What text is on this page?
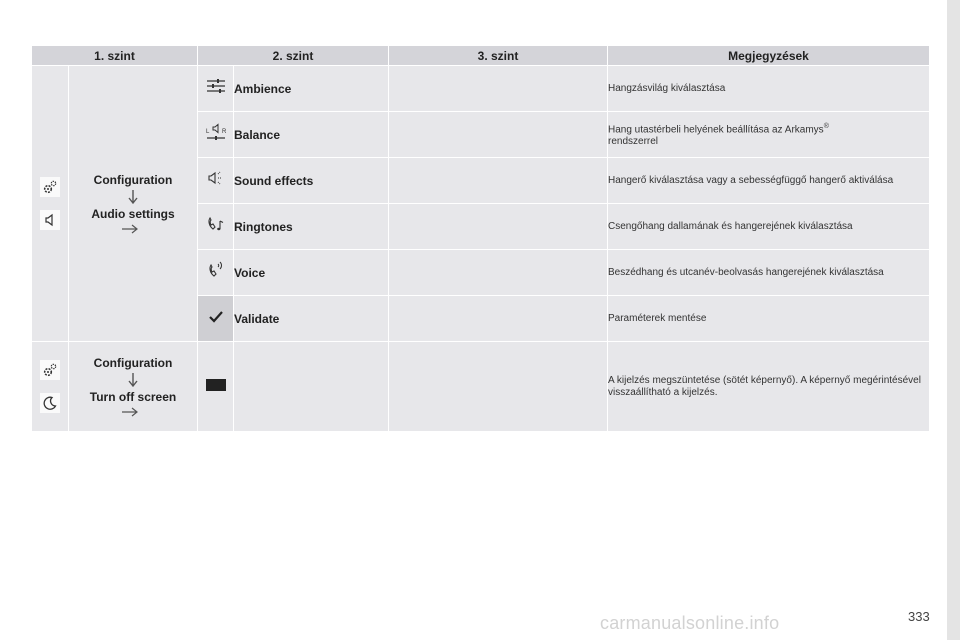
1. szint		2. szint		3. szint	Megjegyzések

Configuration
Audio settings		Ambience		Hangzásvilág kiválasztása

L R	Balance		Hang utastérbeli helyének beállítása az Arkamys®
rendszerrel
	Sound effects		Hangerő kiválasztása vagy a sebességfüggő hangerő aktiválása
	Ringtones		Csengőhang dallamának és hangerejének kiválasztása
	Voice		Beszédhang és utcanév-beolvasás hangerejének kiválasztása
	Validate		Paraméterek mentése

Configuration
Turn off screen				A kijelzés megszüntetése (sötét képernyő). A képernyő megérintésével visszaállítható a kijelzés.
carmanualsonline.info	333
